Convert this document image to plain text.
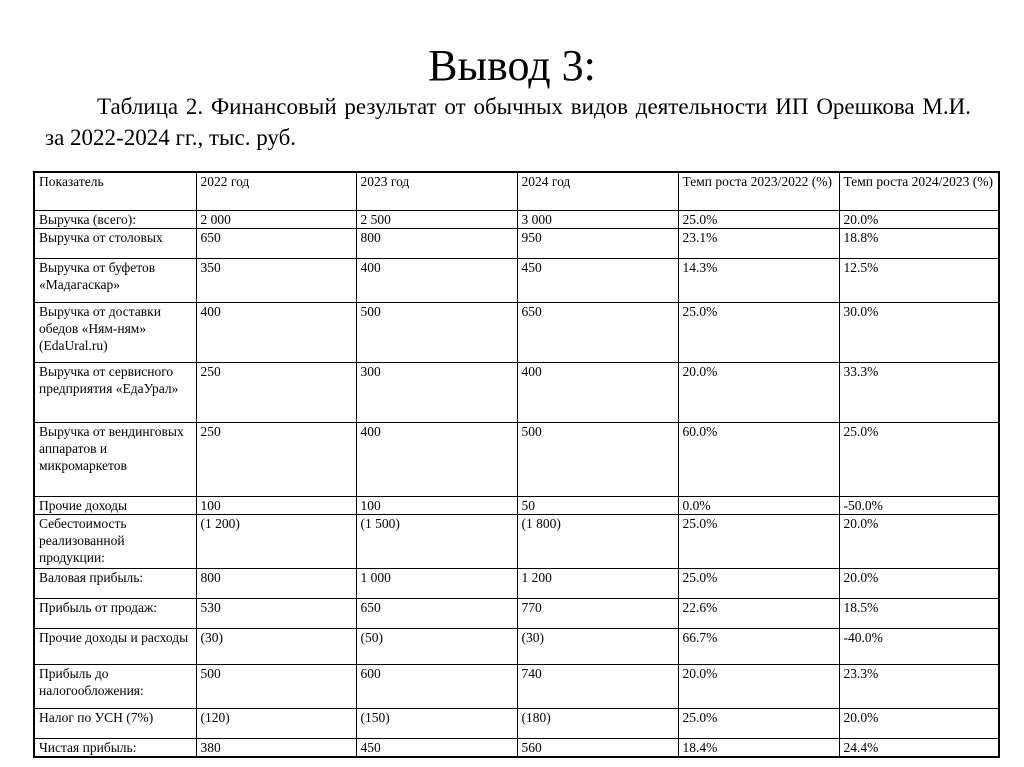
Вывод 3:
Таблица 2. Финансовый результат от обычных видов деятельности ИП Орешкова М.И. за 2022-2024 гг., тыс. руб.
Показатель	2022 год	2023 год	2024 год	Темп роста 2023/2022 (%)	Темп роста 2024/2023 (%)
Выручка (всего):	2 000	2 500	3 000	25.0%	20.0%
Выручка от столовых	650	800	950	23.1%	18.8%
Выручка от буфетов «Мадагаскар»	350	400	450	14.3%	12.5%
Выручка от доставки обедов «Ням-ням» (EdaUral.ru)	400	500	650	25.0%	30.0%
Выручка от сервисного предприятия «ЕдаУрал»	250	300	400	20.0%	33.3%
Выручка от вендинговых аппаратов и микромаркетов	250	400	500	60.0%	25.0%
Прочие доходы	100	100	50	0.0%	-50.0%
Себестоимость реализованной продукции:	(1 200)	(1 500)	(1 800)	25.0%	20.0%
Валовая прибыль:	800	1 000	1 200	25.0%	20.0%
Прибыль от продаж:	530	650	770	22.6%	18.5%
Прочие доходы и расходы	(30)	(50)	(30)	66.7%	-40.0%
Прибыль до налогообложения:	500	600	740	20.0%	23.3%
Налог по УСН (7%)	(120)	(150)	(180)	25.0%	20.0%
Чистая прибыль:	380	450	560	18.4%	24.4%
